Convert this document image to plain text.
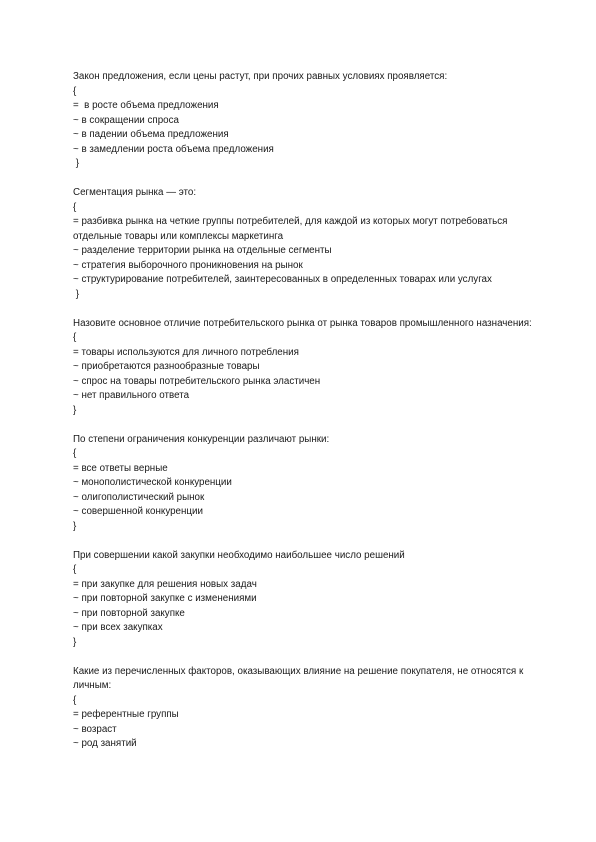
Закон предложения, если цены растут, при прочих равных условиях проявляется:
{
=  в росте объема предложения
~ в сокращении спроса
~ в падении объема предложения
~ в замедлении роста объема предложения
}
Сегментация рынка — это:
{
= разбивка рынка на четкие группы потребителей, для каждой из которых могут потребоваться отдельные товары или комплексы маркетинга
~ разделение территории рынка на отдельные сегменты
~ стратегия выборочного проникновения на рынок
~ структурирование потребителей, заинтересованных в определенных товарах или услугах
}
Назовите основное отличие потребительского рынка от рынка товаров промышленного назначения:
{
= товары используются для личного потребления
~ приобретаются разнообразные товары
~ спрос на товары потребительского рынка эластичен
~ нет правильного ответа
}
По степени ограничения конкуренции различают рынки:
{
= все ответы верные
~ монополистической конкуренции
~ олигополистический рынок
~ совершенной конкуренции
}
При совершении какой закупки необходимо наибольшее число решений
{
= при закупке для решения новых задач
~ при повторной закупке с изменениями
~ при повторной закупке
~ при всех закупках
}
Какие из перечисленных факторов, оказывающих влияние на решение покупателя, не относятся к личным:
{
= референтные группы
~ возраст
~ род занятий
